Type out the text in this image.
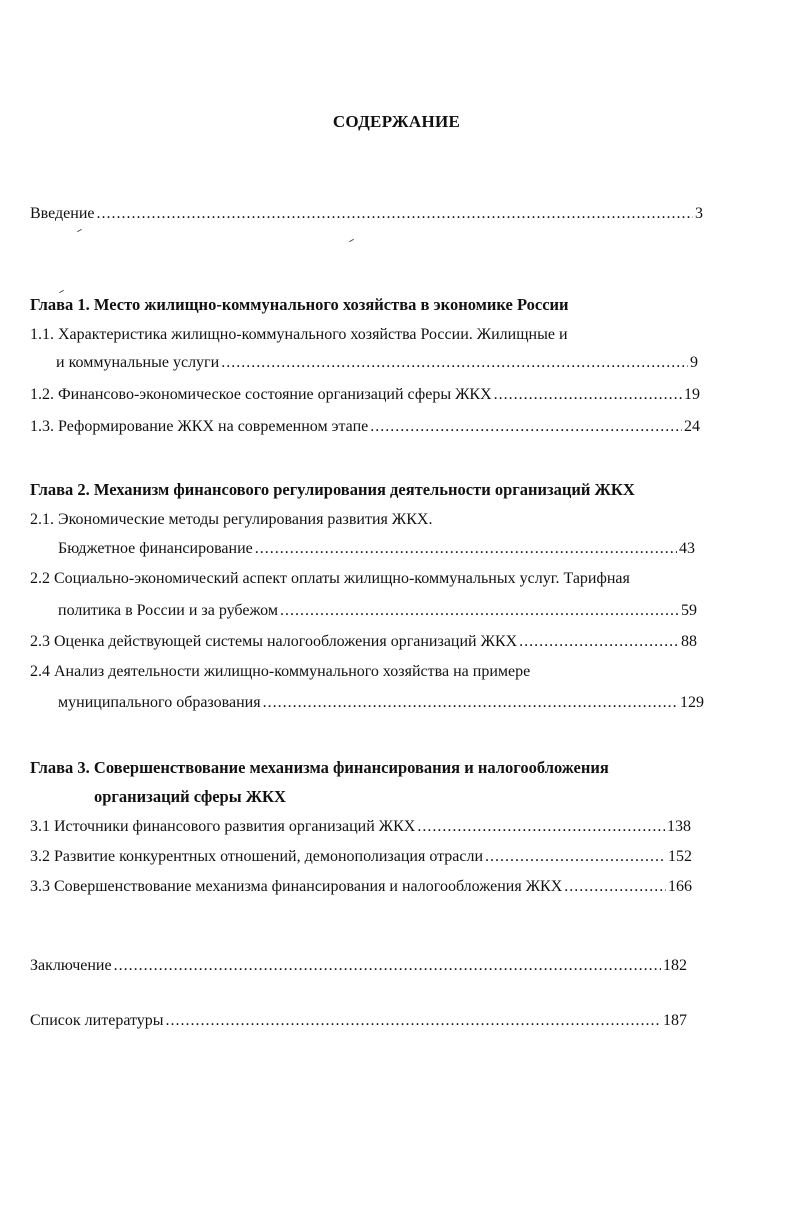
СОДЕРЖАНИЕ
Введение .....	3
Глава 1. Место жилищно-коммунального хозяйства в экономике России
1.1. Характеристика жилищно-коммунального хозяйства России. Жилищные и
и коммунальные услуги .....	9
1.2. Финансово-экономическое состояние организаций сферы ЖКХ .....	19
1.3. Реформирование ЖКХ на современном этапе .....	24
Глава 2. Механизм финансового регулирования деятельности организаций ЖКХ
2.1. Экономические методы регулирования развития ЖКХ.
Бюджетное финансирование .....	43
2.2 Социально-экономический аспект оплаты жилищно-коммунальных услуг. Тарифная
политика в России и за рубежом .....	59
2.3 Оценка действующей системы налогообложения организаций ЖКХ .....	88
2.4 Анализ деятельности жилищно-коммунального хозяйства на примере
муниципального образования .....	129
Глава 3. Совершенствование механизма финансирования и налогообложения
организаций сферы ЖКХ
3.1 Источники финансового развития организаций ЖКХ .....	138
3.2 Развитие конкурентных отношений, демонополизация отрасли .....	152
3.3 Совершенствование механизма финансирования и налогообложения ЖКХ .....	166
Заключение .....	182
Список литературы .....	187
